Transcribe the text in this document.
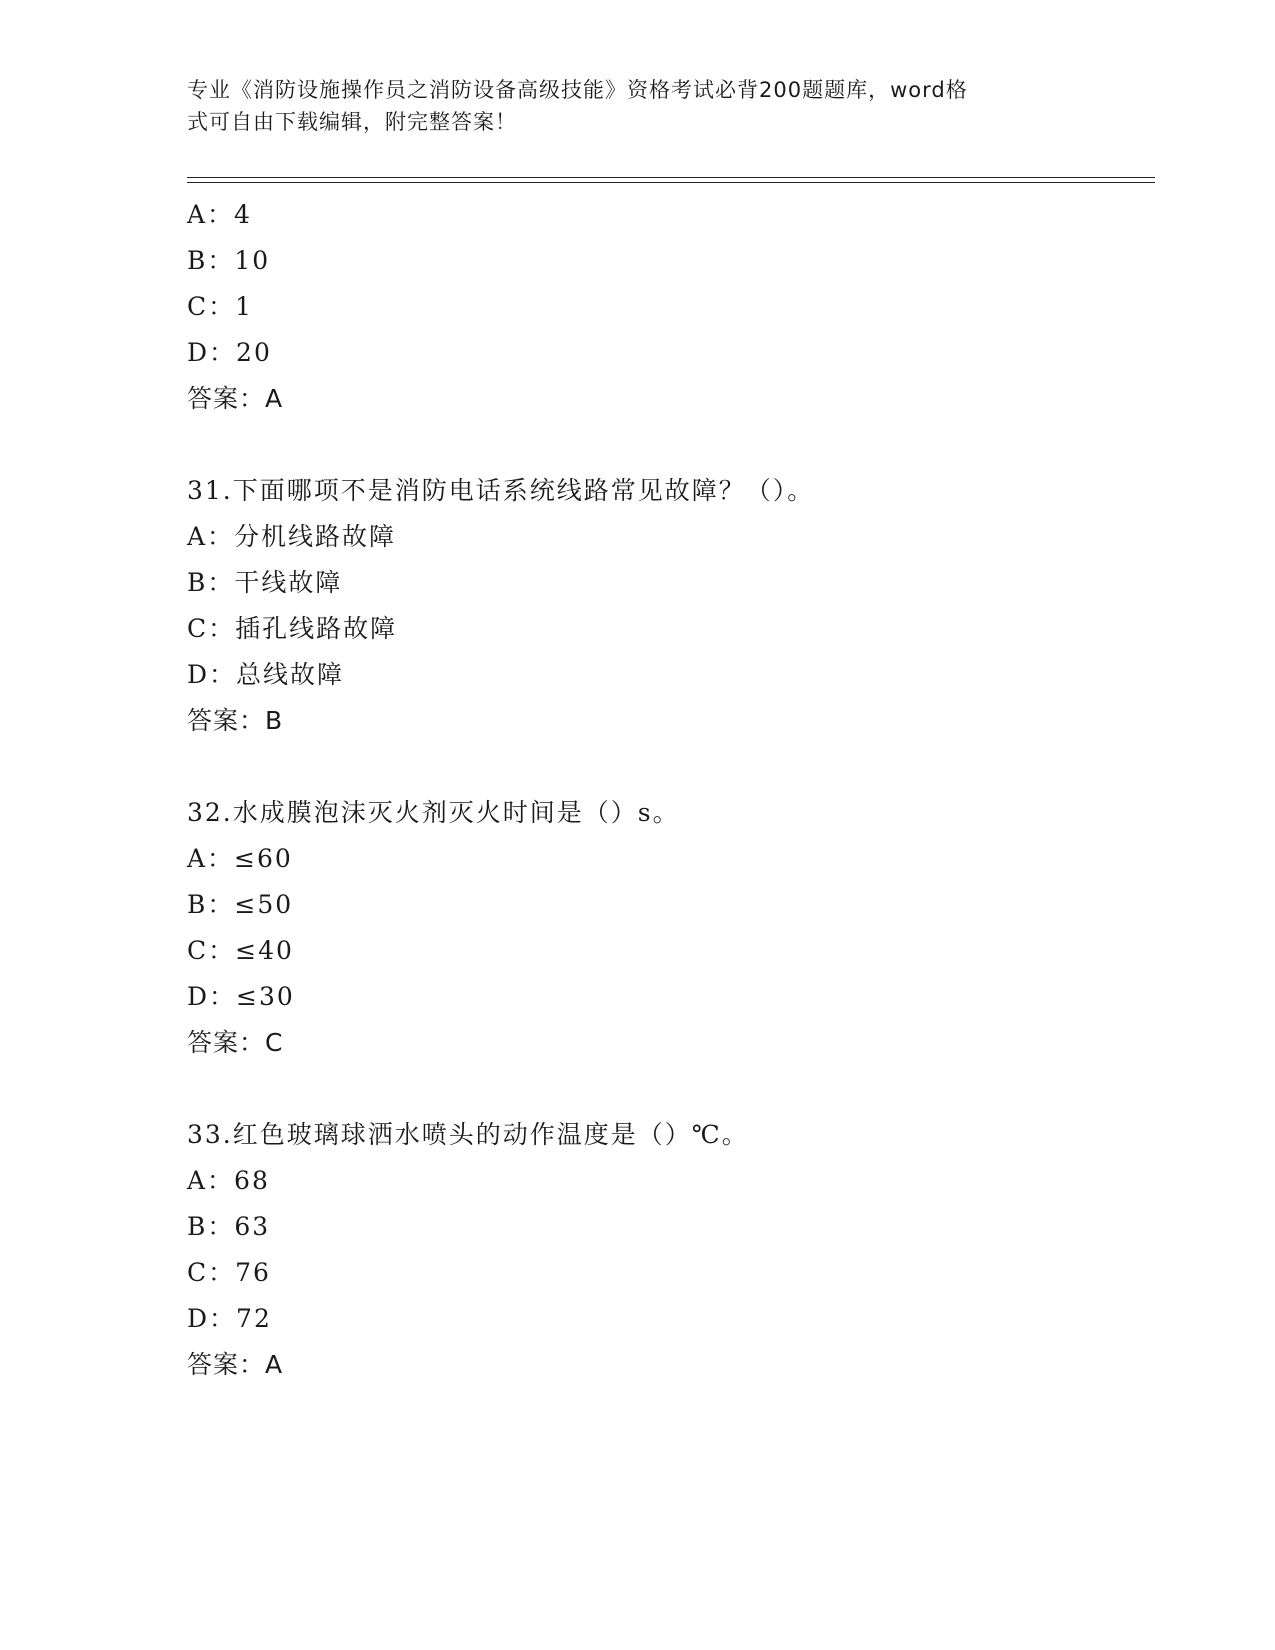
专业《消防设施操作员之消防设备高级技能》资格考试必背200题题库，word格
式可自由下载编辑，附完整答案！
A：4
B：10
C：1
D：20
答案：A
31.下面哪项不是消防电话系统线路常见故障？（）。
A：分机线路故障
B：干线故障
C：插孔线路故障
D：总线故障
答案：B
32.水成膜泡沫灭火剂灭火时间是（）s。
A：≤60
B：≤50
C：≤40
D：≤30
答案：C
33.红色玻璃球洒水喷头的动作温度是（）℃。
A：68
B：63
C：76
D：72
答案：A
